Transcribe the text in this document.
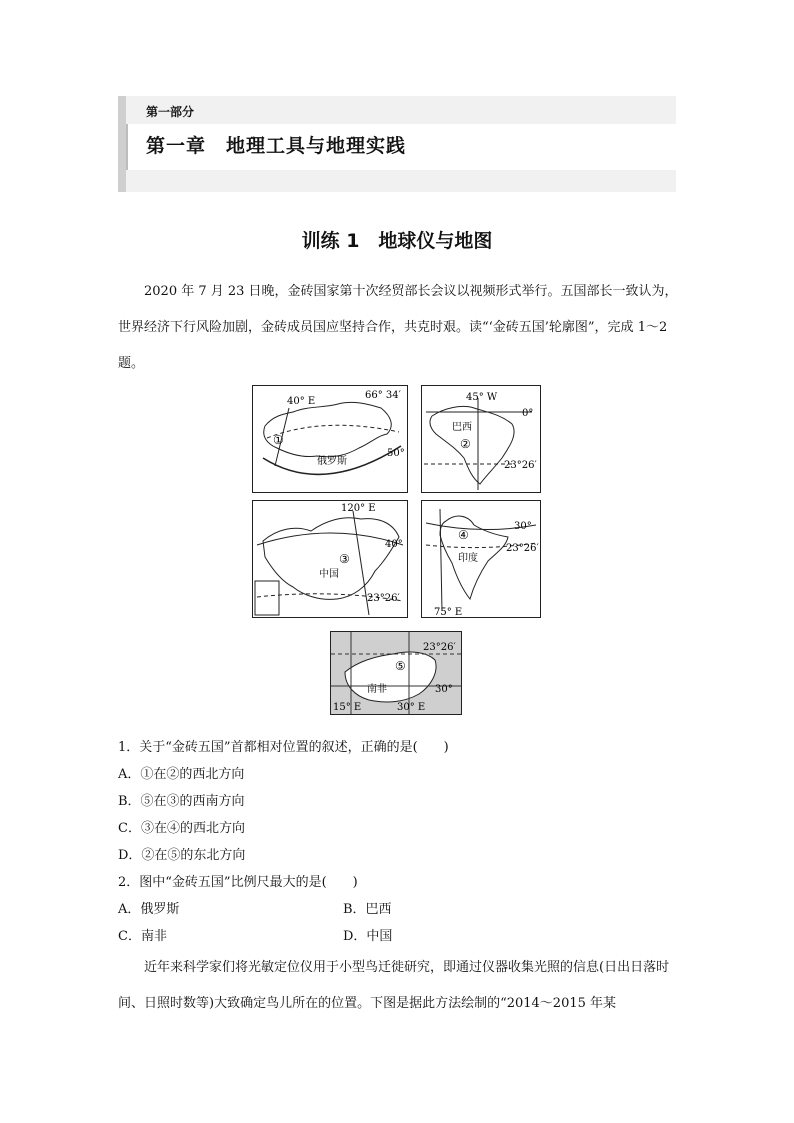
第一部分
第一章　地理工具与地理实践
训练 1　地球仪与地图
2020 年 7 月 23 日晚，金砖国家第十次经贸部长会议以视频形式举行。五国部长一致认为，世界经济下行风险加剧，金砖成员国应坚持合作，共克时艰。读“‘金砖五国’轮廓图”，完成 1～2 题。
40° E
66° 34′
50°
①
俄罗斯
45° W
0°
23°26′
巴西
②
120° E
40°
23°26′
③
中国
30°
23°26′
④
印度
75° E
23°26′
30°
⑤
南非
15° E	30° E
1．关于“金砖五国”首都相对位置的叙述，正确的是(　　)
A．①在②的西北方向
B．⑤在③的西南方向
C．③在④的西北方向
D．②在⑤的东北方向
2．图中“金砖五国”比例尺最大的是(　　)
A．俄罗斯	B．巴西
C．南非	D．中国
近年来科学家们将光敏定位仪用于小型鸟迁徙研究，即通过仪器收集光照的信息(日出日落时间、日照时数等)大致确定鸟儿所在的位置。下图是据此方法绘制的“2014～2015 年某
